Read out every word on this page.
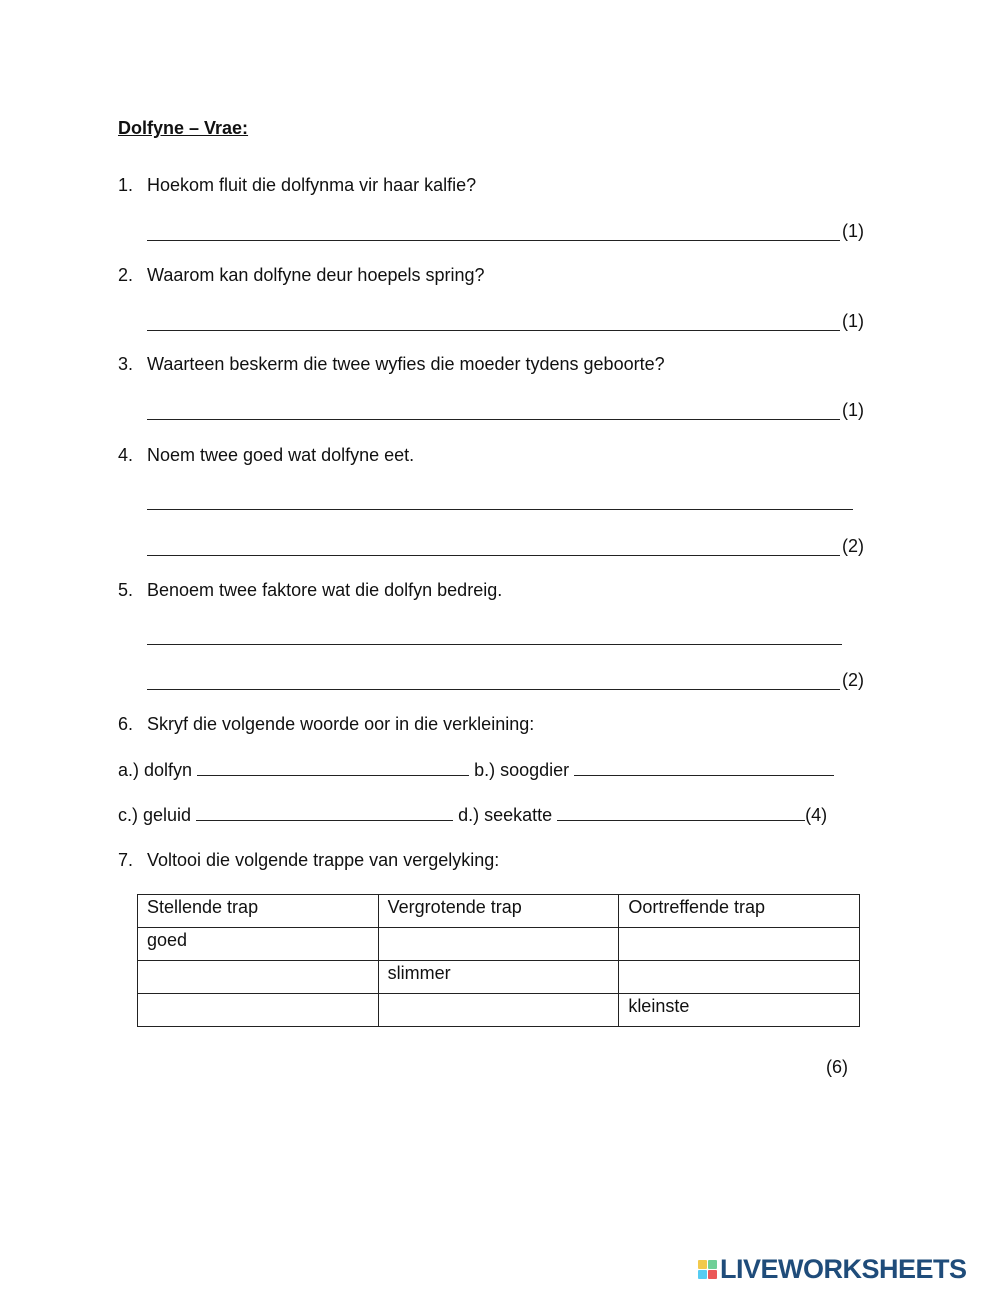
Dolfyne – Vrae:
1. Hoekom fluit die dolfynma vir haar kalfie?
(1)
2. Waarom kan dolfyne deur hoepels spring?
(1)
3. Waarteen beskerm die twee wyfies die moeder tydens geboorte?
(1)
4. Noem twee goed wat dolfyne eet.
(2)
5. Benoem twee faktore wat die dolfyn bedreig.
(2)
6. Skryf die volgende woorde oor in die verkleining:
a.) dolfyn	b.) soogdier
c.) geluid	d.) seekatte	(4)
7. Voltooi die volgende trappe van vergelyking:
Stellende trap	Vergrotende trap	Oortreffende trap
goed		
	slimmer	
		kleinste
(6)
LIVEWORKSHEETS
